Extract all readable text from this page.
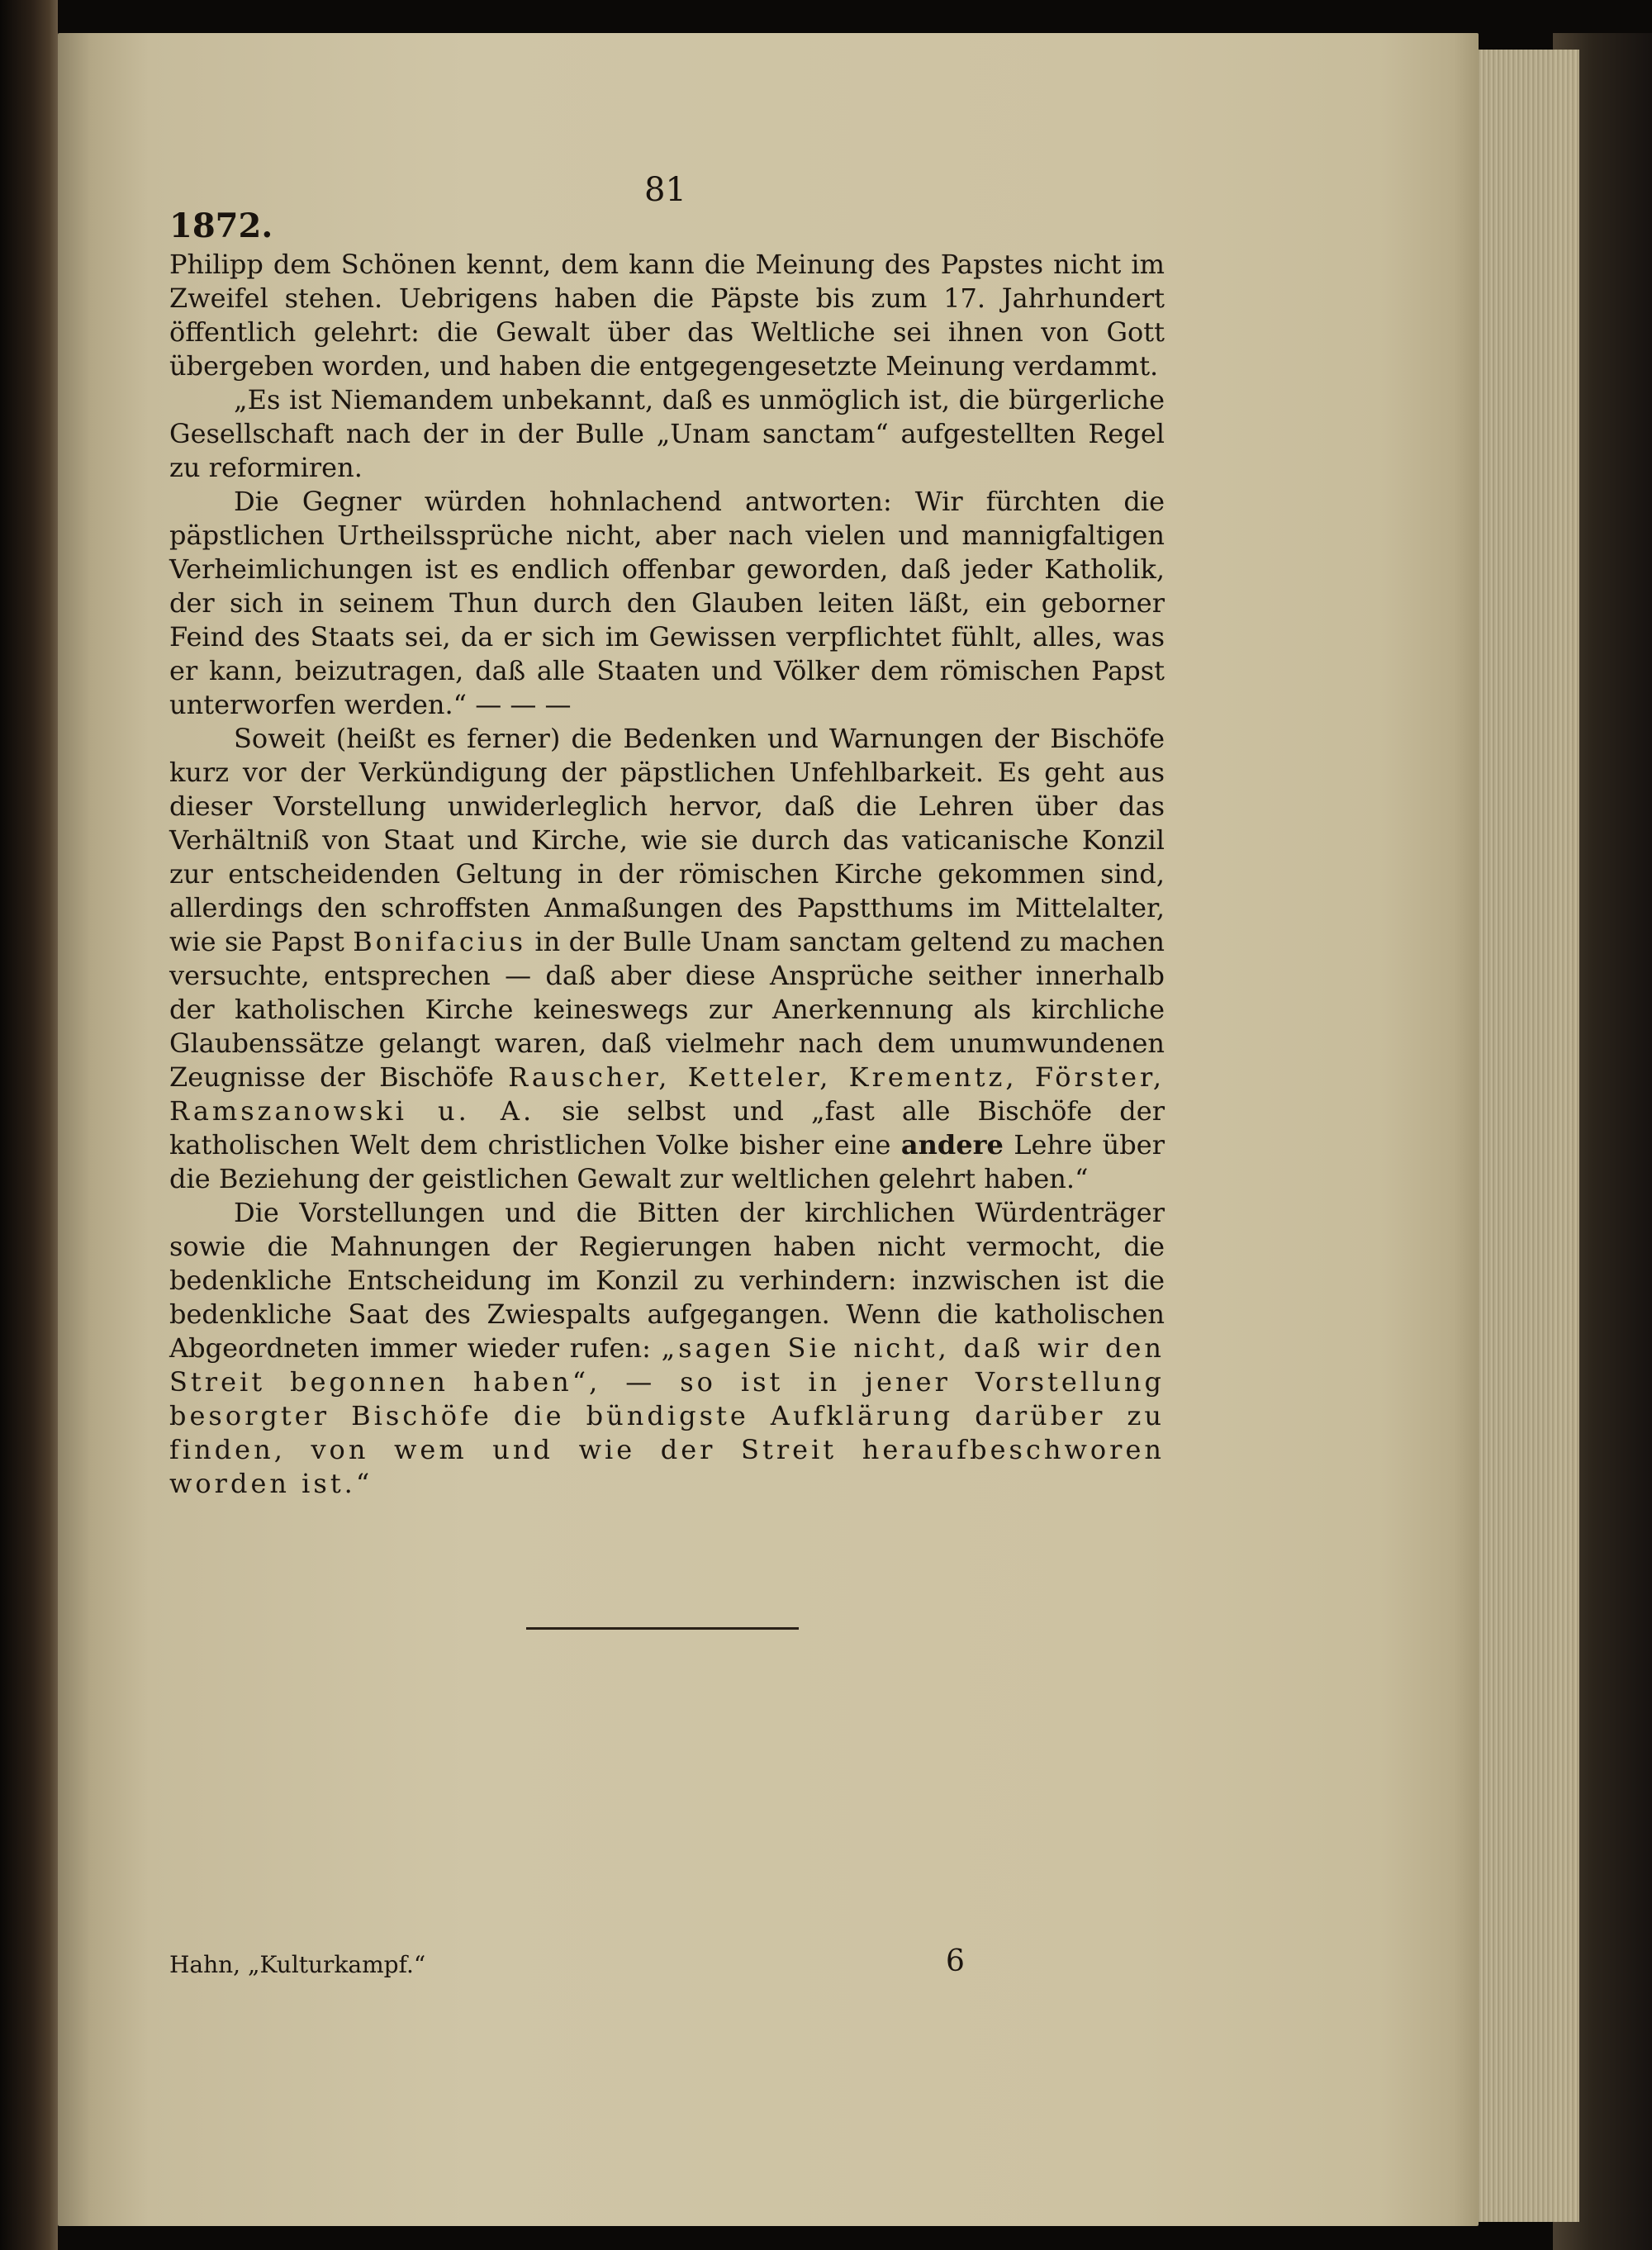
1872.
81

Philipp dem Schönen kennt, dem kann die Meinung des Papstes nicht im Zweifel stehen. Uebrigens haben die Päpste bis zum 17. Jahrhundert öffentlich gelehrt: die Gewalt über das Weltliche sei ihnen von Gott übergeben worden, und haben die entgegengesetzte Meinung verdammt.

„Es ist Niemandem unbekannt, daß es unmöglich ist, die bürgerliche Gesellschaft nach der in der Bulle „Unam sanctam“ aufgestellten Regel zu reformiren.

Die Gegner würden hohnlachend antworten: Wir fürchten die päpstlichen Urtheilssprüche nicht, aber nach vielen und mannigfaltigen Verheimlichungen ist es endlich offenbar geworden, daß jeder Katholik, der sich in seinem Thun durch den Glauben leiten läßt, ein geborner Feind des Staats sei, da er sich im Gewissen verpflichtet fühlt, alles, was er kann, beizutragen, daß alle Staaten und Völker dem römischen Papst unterworfen werden.“ — — —

Soweit (heißt es ferner) die Bedenken und Warnungen der Bischöfe kurz vor der Verkündigung der päpstlichen Unfehlbarkeit. Es geht aus dieser Vorstellung unwiderleglich hervor, daß die Lehren über das Verhältniß von Staat und Kirche, wie sie durch das vaticanische Konzil zur entscheidenden Geltung in der römischen Kirche gekommen sind, allerdings den schroffsten Anmaßungen des Papstthums im Mittelalter, wie sie Papst Bonifacius in der Bulle Unam sanctam geltend zu machen versuchte, entsprechen — daß aber diese Ansprüche seither innerhalb der katholischen Kirche keineswegs zur Anerkennung als kirchliche Glaubenssätze gelangt waren, daß vielmehr nach dem unumwundenen Zeugnisse der Bischöfe Rauscher, Ketteler, Krementz, Förster, Ramszanowski u. A. sie selbst und „fast alle Bischöfe der katholischen Welt dem christlichen Volke bisher eine andere Lehre über die Beziehung der geistlichen Gewalt zur weltlichen gelehrt haben.“

Die Vorstellungen und die Bitten der kirchlichen Würdenträger sowie die Mahnungen der Regierungen haben nicht vermocht, die bedenkliche Entscheidung im Konzil zu verhindern: inzwischen ist die bedenkliche Saat des Zwiespalts aufgegangen. Wenn die katholischen Abgeordneten immer wieder rufen: „sagen Sie nicht, daß wir den Streit begonnen haben“, — so ist in jener Vorstellung besorgter Bischöfe die bündigste Aufklärung darüber zu finden, von wem und wie der Streit heraufbeschworen worden ist.“

Hahn, „Kulturkampf.“	6
